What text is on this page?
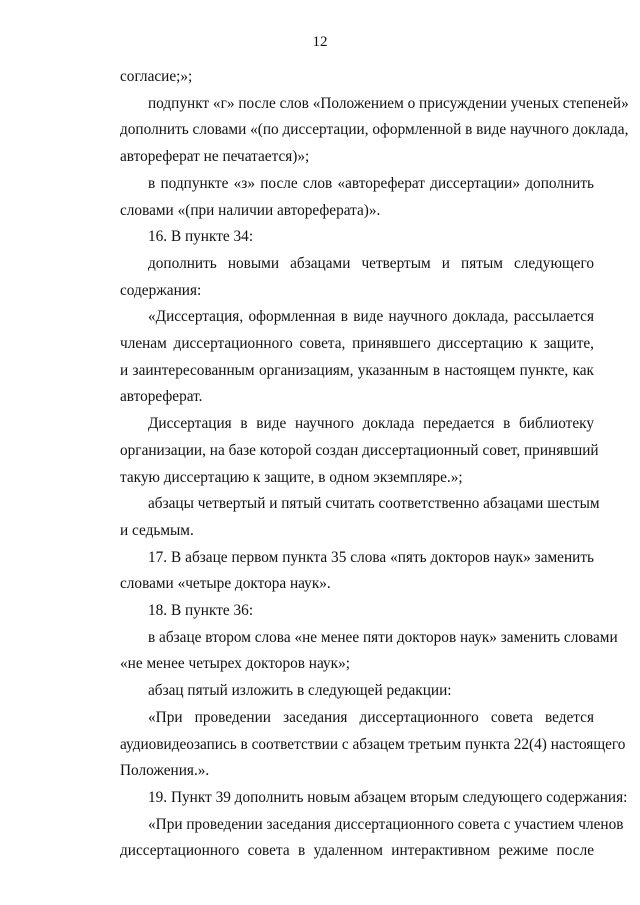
12
согласие;»;
подпункт «г» после слов «Положением о присуждении ученых степеней»
дополнить словами «(по диссертации, оформленной в виде научного доклада,
автореферат не печатается)»;
в подпункте «з» после слов «автореферат диссертации» дополнить
словами «(при наличии автореферата)».
16. В пункте 34:
дополнить новыми абзацами четвертым и пятым следующего
содержания:
«Диссертация, оформленная в виде научного доклада, рассылается
членам диссертационного совета, принявшего диссертацию к защите,
и заинтересованным организациям, указанным в настоящем пункте, как
автореферат.
Диссертация в виде научного доклада передается в библиотеку
организации, на базе которой создан диссертационный совет, принявший
такую диссертацию к защите, в одном экземпляре.»;
абзацы четвертый и пятый считать соответственно абзацами шестым
и седьмым.
17. В абзаце первом пункта 35 слова «пять докторов наук» заменить
словами «четыре доктора наук».
18. В пункте 36:
в абзаце втором слова «не менее пяти докторов наук» заменить словами
«не менее четырех докторов наук»;
абзац пятый изложить в следующей редакции:
«При проведении заседания диссертационного совета ведется
аудиовидеозапись в соответствии с абзацем третьим пункта 22(4) настоящего
Положения.».
19. Пункт 39 дополнить новым абзацем вторым следующего содержания:
«При проведении заседания диссертационного совета с участием членов
диссертационного совета в удаленном интерактивном режиме после
